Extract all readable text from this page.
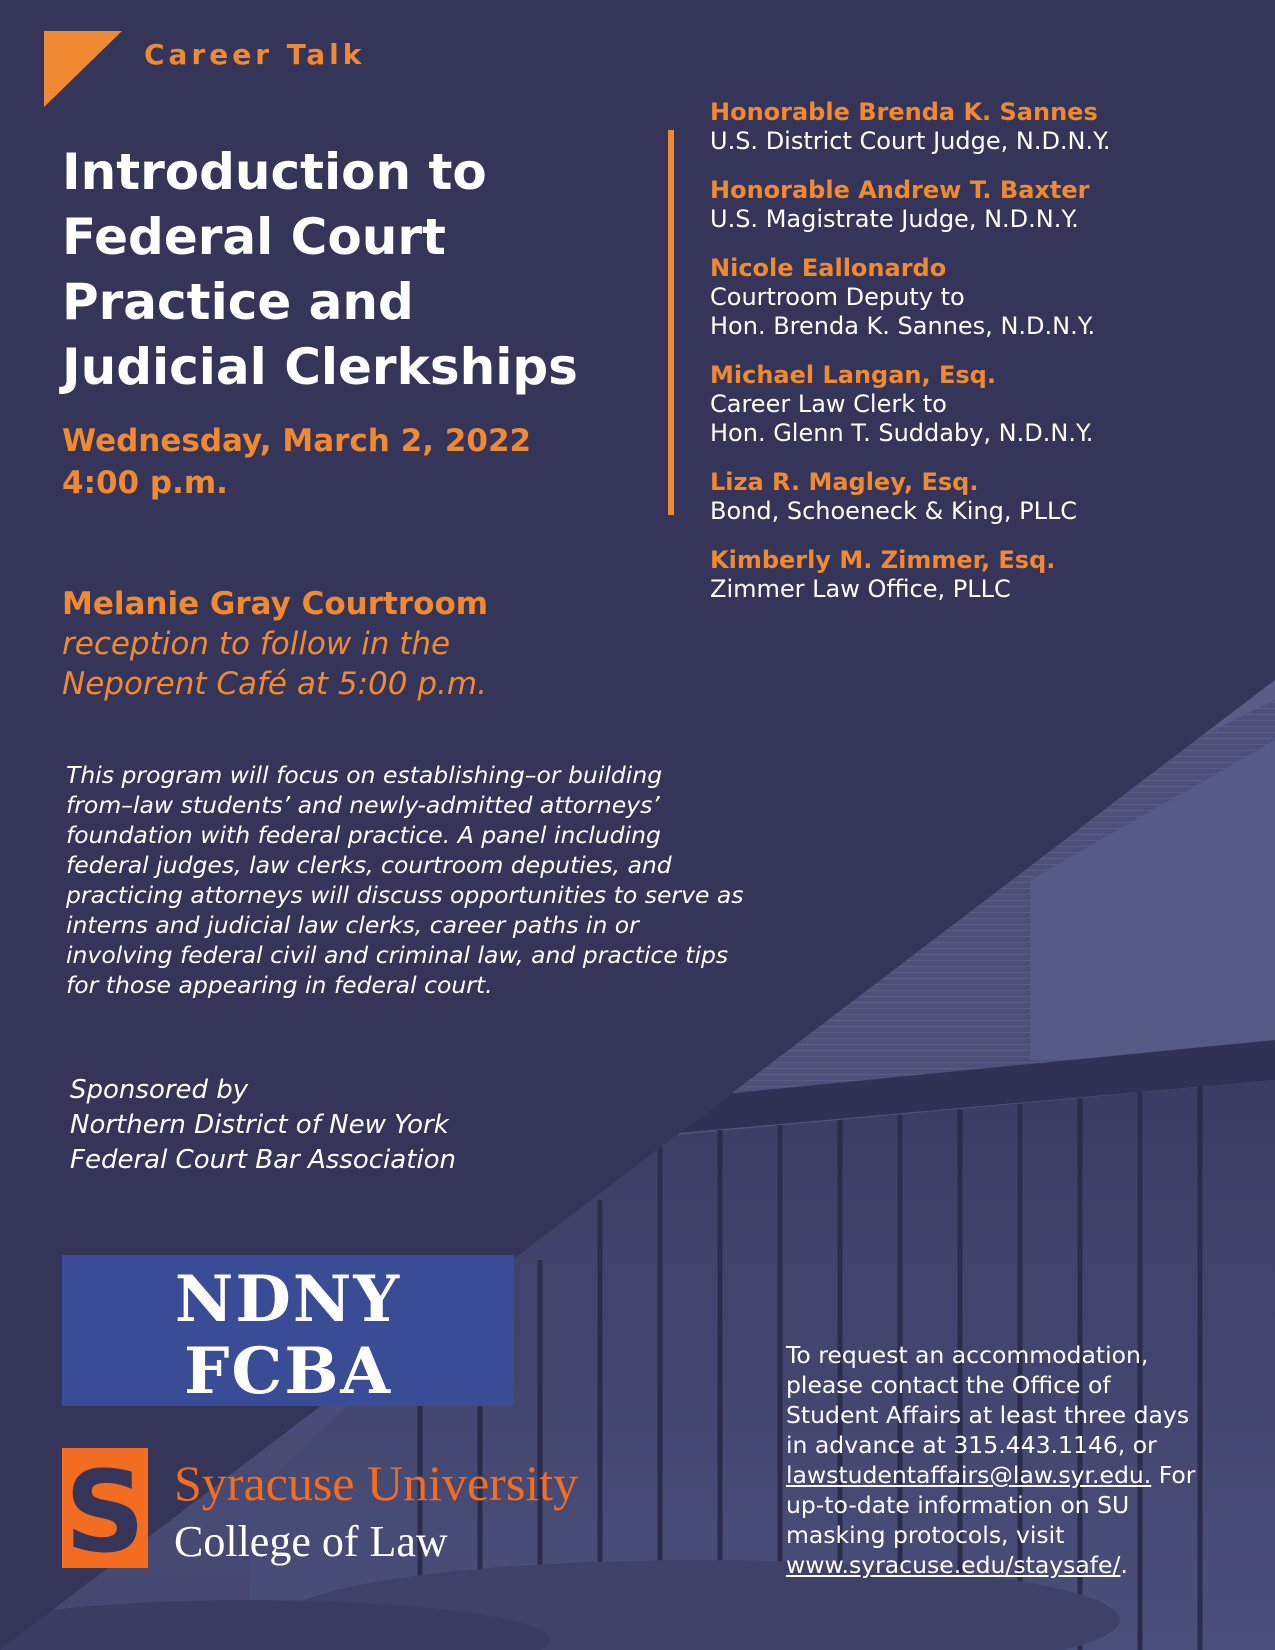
Career Talk
Introduction to
Federal Court
Practice and
Judicial Clerkships
Wednesday, March 2, 2022
4:00 p.m.
Melanie Gray Courtroom
reception to follow in the
Neporent Café at 5:00 p.m.
Honorable Brenda K. Sannes
U.S. District Court Judge, N.D.N.Y.
Honorable Andrew T. Baxter
U.S. Magistrate Judge, N.D.N.Y.
Nicole Eallonardo
Courtroom Deputy to
Hon. Brenda K. Sannes, N.D.N.Y.
Michael Langan, Esq.
Career Law Clerk to
Hon. Glenn T. Suddaby, N.D.N.Y.
Liza R. Magley, Esq.
Bond, Schoeneck & King, PLLC
Kimberly M. Zimmer, Esq.
Zimmer Law Office, PLLC
This program will focus on establishing–or building
from–law students’ and newly-admitted attorneys’
foundation with federal practice. A panel including
federal judges, law clerks, courtroom deputies, and
practicing attorneys will discuss opportunities to serve as
interns and judicial law clerks, career paths in or
involving federal civil and criminal law, and practice tips
for those appearing in federal court.
Sponsored by
Northern District of New York
Federal Court Bar Association
NDNY
FCBA
S Syracuse University
College of Law
To request an accommodation,
please contact the Office of
Student Affairs at least three days
in advance at 315.443.1146, or
lawstudentaffairs@law.syr.edu. For
up-to-date information on SU
masking protocols, visit
www.syracuse.edu/staysafe/.
